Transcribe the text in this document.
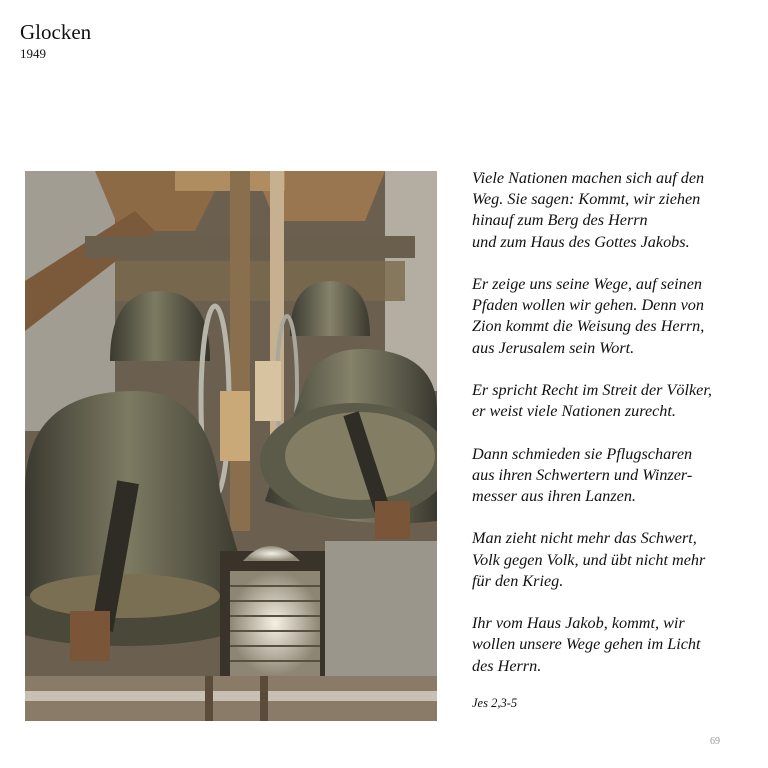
Glocken
1949

Viele Nationen machen sich auf den
Weg. Sie sagen: Kommt, wir ziehen
hinauf zum Berg des Herrn
und zum Haus des Gottes Jakobs.

Er zeige uns seine Wege, auf seinen
Pfaden wollen wir gehen. Denn von
Zion kommt die Weisung des Herrn,
aus Jerusalem sein Wort.

Er spricht Recht im Streit der Völker,
er weist viele Nationen zurecht.

Dann schmieden sie Pflugscharen
aus ihren Schwertern und Winzer-
messer aus ihren Lanzen.

Man zieht nicht mehr das Schwert,
Volk gegen Volk, und übt nicht mehr
für den Krieg.

Ihr vom Haus Jakob, kommt, wir
wollen unsere Wege gehen im Licht
des Herrn.

Jes 2,3-5
69
